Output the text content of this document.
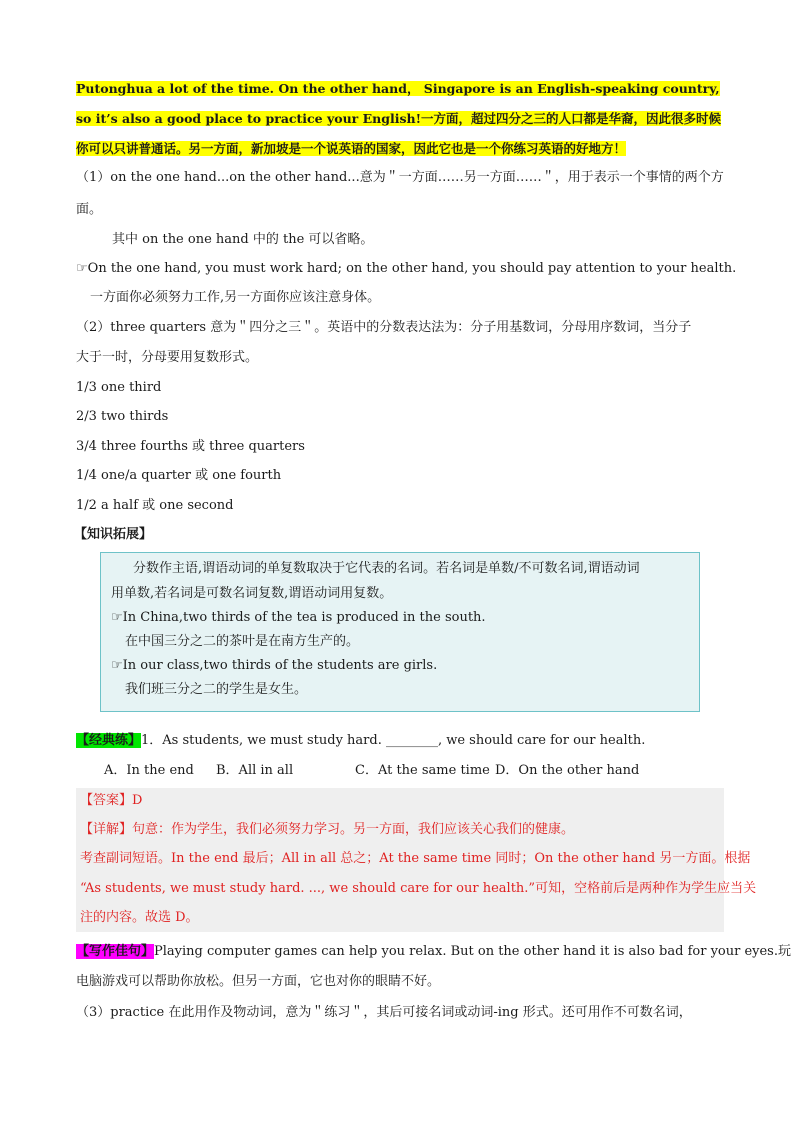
Putonghua a lot of the time. On the other hand， Singapore is an English-speaking country, so it’s also a good place to practice your English!一方面，超过四分之三的人口都是华裔，因此很多时候你可以只讲普通话。另一方面，新加坡是一个说英语的国家，因此它也是一个你练习英语的好地方！
（1）on the one hand...on the other hand...意为＂一方面……另一方面……＂，用于表示一个事情的两个方
面。
其中 on the one hand 中的 the 可以省略。
☞On the one hand, you must work hard; on the other hand, you should pay attention to your health.
一方面你必须努力工作,另一方面你应该注意身体。
（2）three quarters 意为＂四分之三＂。英语中的分数表达法为：分子用基数词，分母用序数词，当分子
大于一时，分母要用复数形式。
1/3 one third
2/3 two thirds
3/4 three fourths 或 three quarters
1/4 one/a quarter 或 one fourth
1/2 a half 或 one second
【知识拓展】
分数作主语,谓语动词的单复数取决于它代表的名词。若名词是单数/不可数名词,谓语动词
用单数,若名词是可数名词复数,谓语动词用复数。
☞In China,two thirds of the tea is produced in the south.
在中国三分之二的茶叶是在南方生产的。
☞In our class,two thirds of the students are girls.
我们班三分之二的学生是女生。
【经典练】1．As students, we must study hard. ________, we should care for our health.
A．In the end B．All in all	C．At the same time D．On the other hand
【答案】D
【详解】句意：作为学生，我们必须努力学习。另一方面，我们应该关心我们的健康。
考查副词短语。In the end 最后；All in all 总之；At the same time 同时；On the other hand 另一方面。根据
“As students, we must study hard. ..., we should care for our health.”可知，空格前后是两种作为学生应当关
注的内容。故选 D。
【写作佳句】Playing computer games can help you relax. But on the other hand it is also bad for your eyes.玩
电脑游戏可以帮助你放松。但另一方面，它也对你的眼睛不好。
（3）practice 在此用作及物动词，意为＂练习＂，其后可接名词或动词-ing 形式。还可用作不可数名词，
